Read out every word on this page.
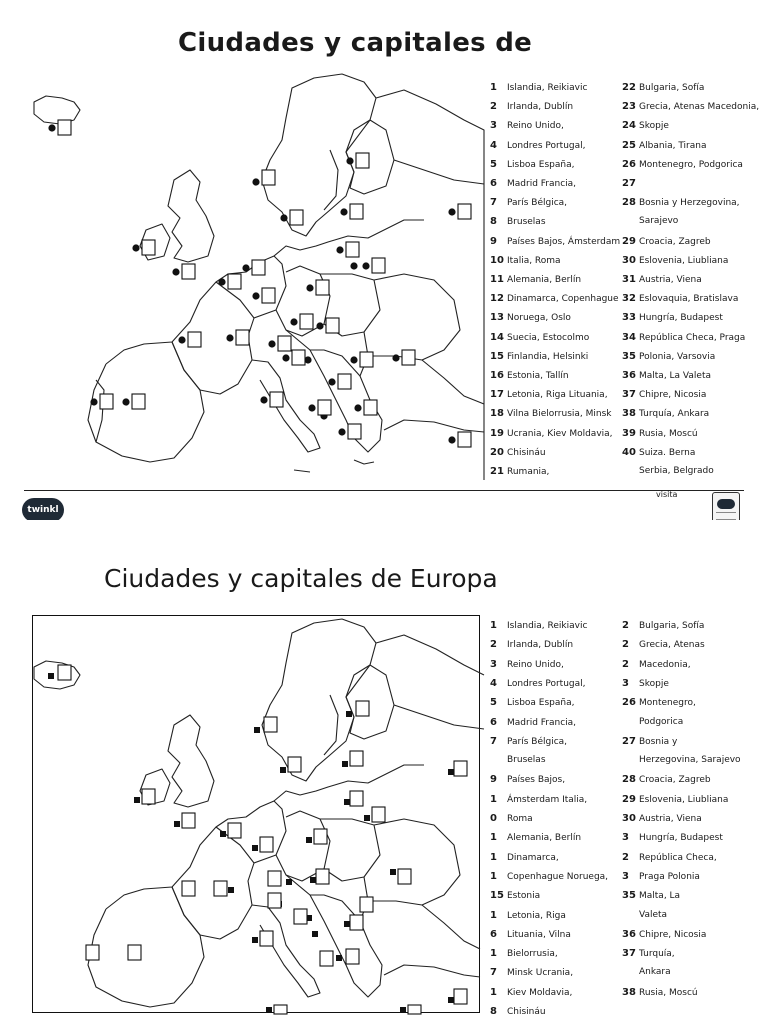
Ciudades y capitales de
1 Islandia, Reikiavic
2 Irlanda, Dublín
3 Reino Unido,
4 Londres Portugal,
5 Lisboa España,
6 Madrid Francia,
7 París Bélgica,
8 Bruselas
9 Países Bajos, Ámsterdam
10 Italia, Roma
11 Alemania, Berlín
12 Dinamarca, Copenhague
13 Noruega, Oslo
14 Suecia, Estocolmo
15 Finlandia, Helsinki
16 Estonia, Tallín
17 Letonia, Riga Lituania,
18 Vilna Bielorrusia, Minsk
19 Ucrania, Kiev Moldavia,
20 Chisináu
21 Rumania,
22 Bulgaria, Sofía
23 Grecia, Atenas Macedonia,
24 Skopje
25 Albania, Tirana
26 Montenegro, Podgorica
27
28 Bosnia y Herzegovina,
Sarajevo
29 Croacia, Zagreb
30 Eslovenia, Liubliana
31 Austria, Viena
32 Eslovaquia, Bratislava
33 Hungría, Budapest
34 República Checa, Praga
35 Polonia, Varsovia
36 Malta, La Valeta
37 Chipre, Nicosia
38 Turquía, Ankara
39 Rusia, Moscú
40 Suiza. Berna
Serbia, Belgrado
twinkl
visita
Ciudades y capitales de Europa
1 Islandia, Reikiavic
2 Irlanda, Dublín
3 Reino Unido,
4 Londres Portugal,
5 Lisboa España,
6 Madrid Francia,
7 París Bélgica,
Bruselas
9 Países Bajos,
1 Ámsterdam Italia,
0 Roma
1 Alemania, Berlín
1 Dinamarca,
1 Copenhague Noruega,
15 Estonia
1 Letonia, Riga
6 Lituania, Vilna
1 Bielorrusia,
7 Minsk Ucrania,
1 Kiev Moldavia,
8 Chisináu
2 Bulgaria, Sofía
2 Grecia, Atenas
2 Macedonia,
3 Skopje
26 Montenegro,
Podgorica
27 Bosnia y
Herzegovina, Sarajevo
28 Croacia, Zagreb
29 Eslovenia, Liubliana
30 Austria, Viena
3 Hungría, Budapest
2 República Checa,
3 Praga Polonia
35 Malta, La
Valeta
36 Chipre, Nicosia
37 Turquía,
Ankara
38 Rusia, Moscú
